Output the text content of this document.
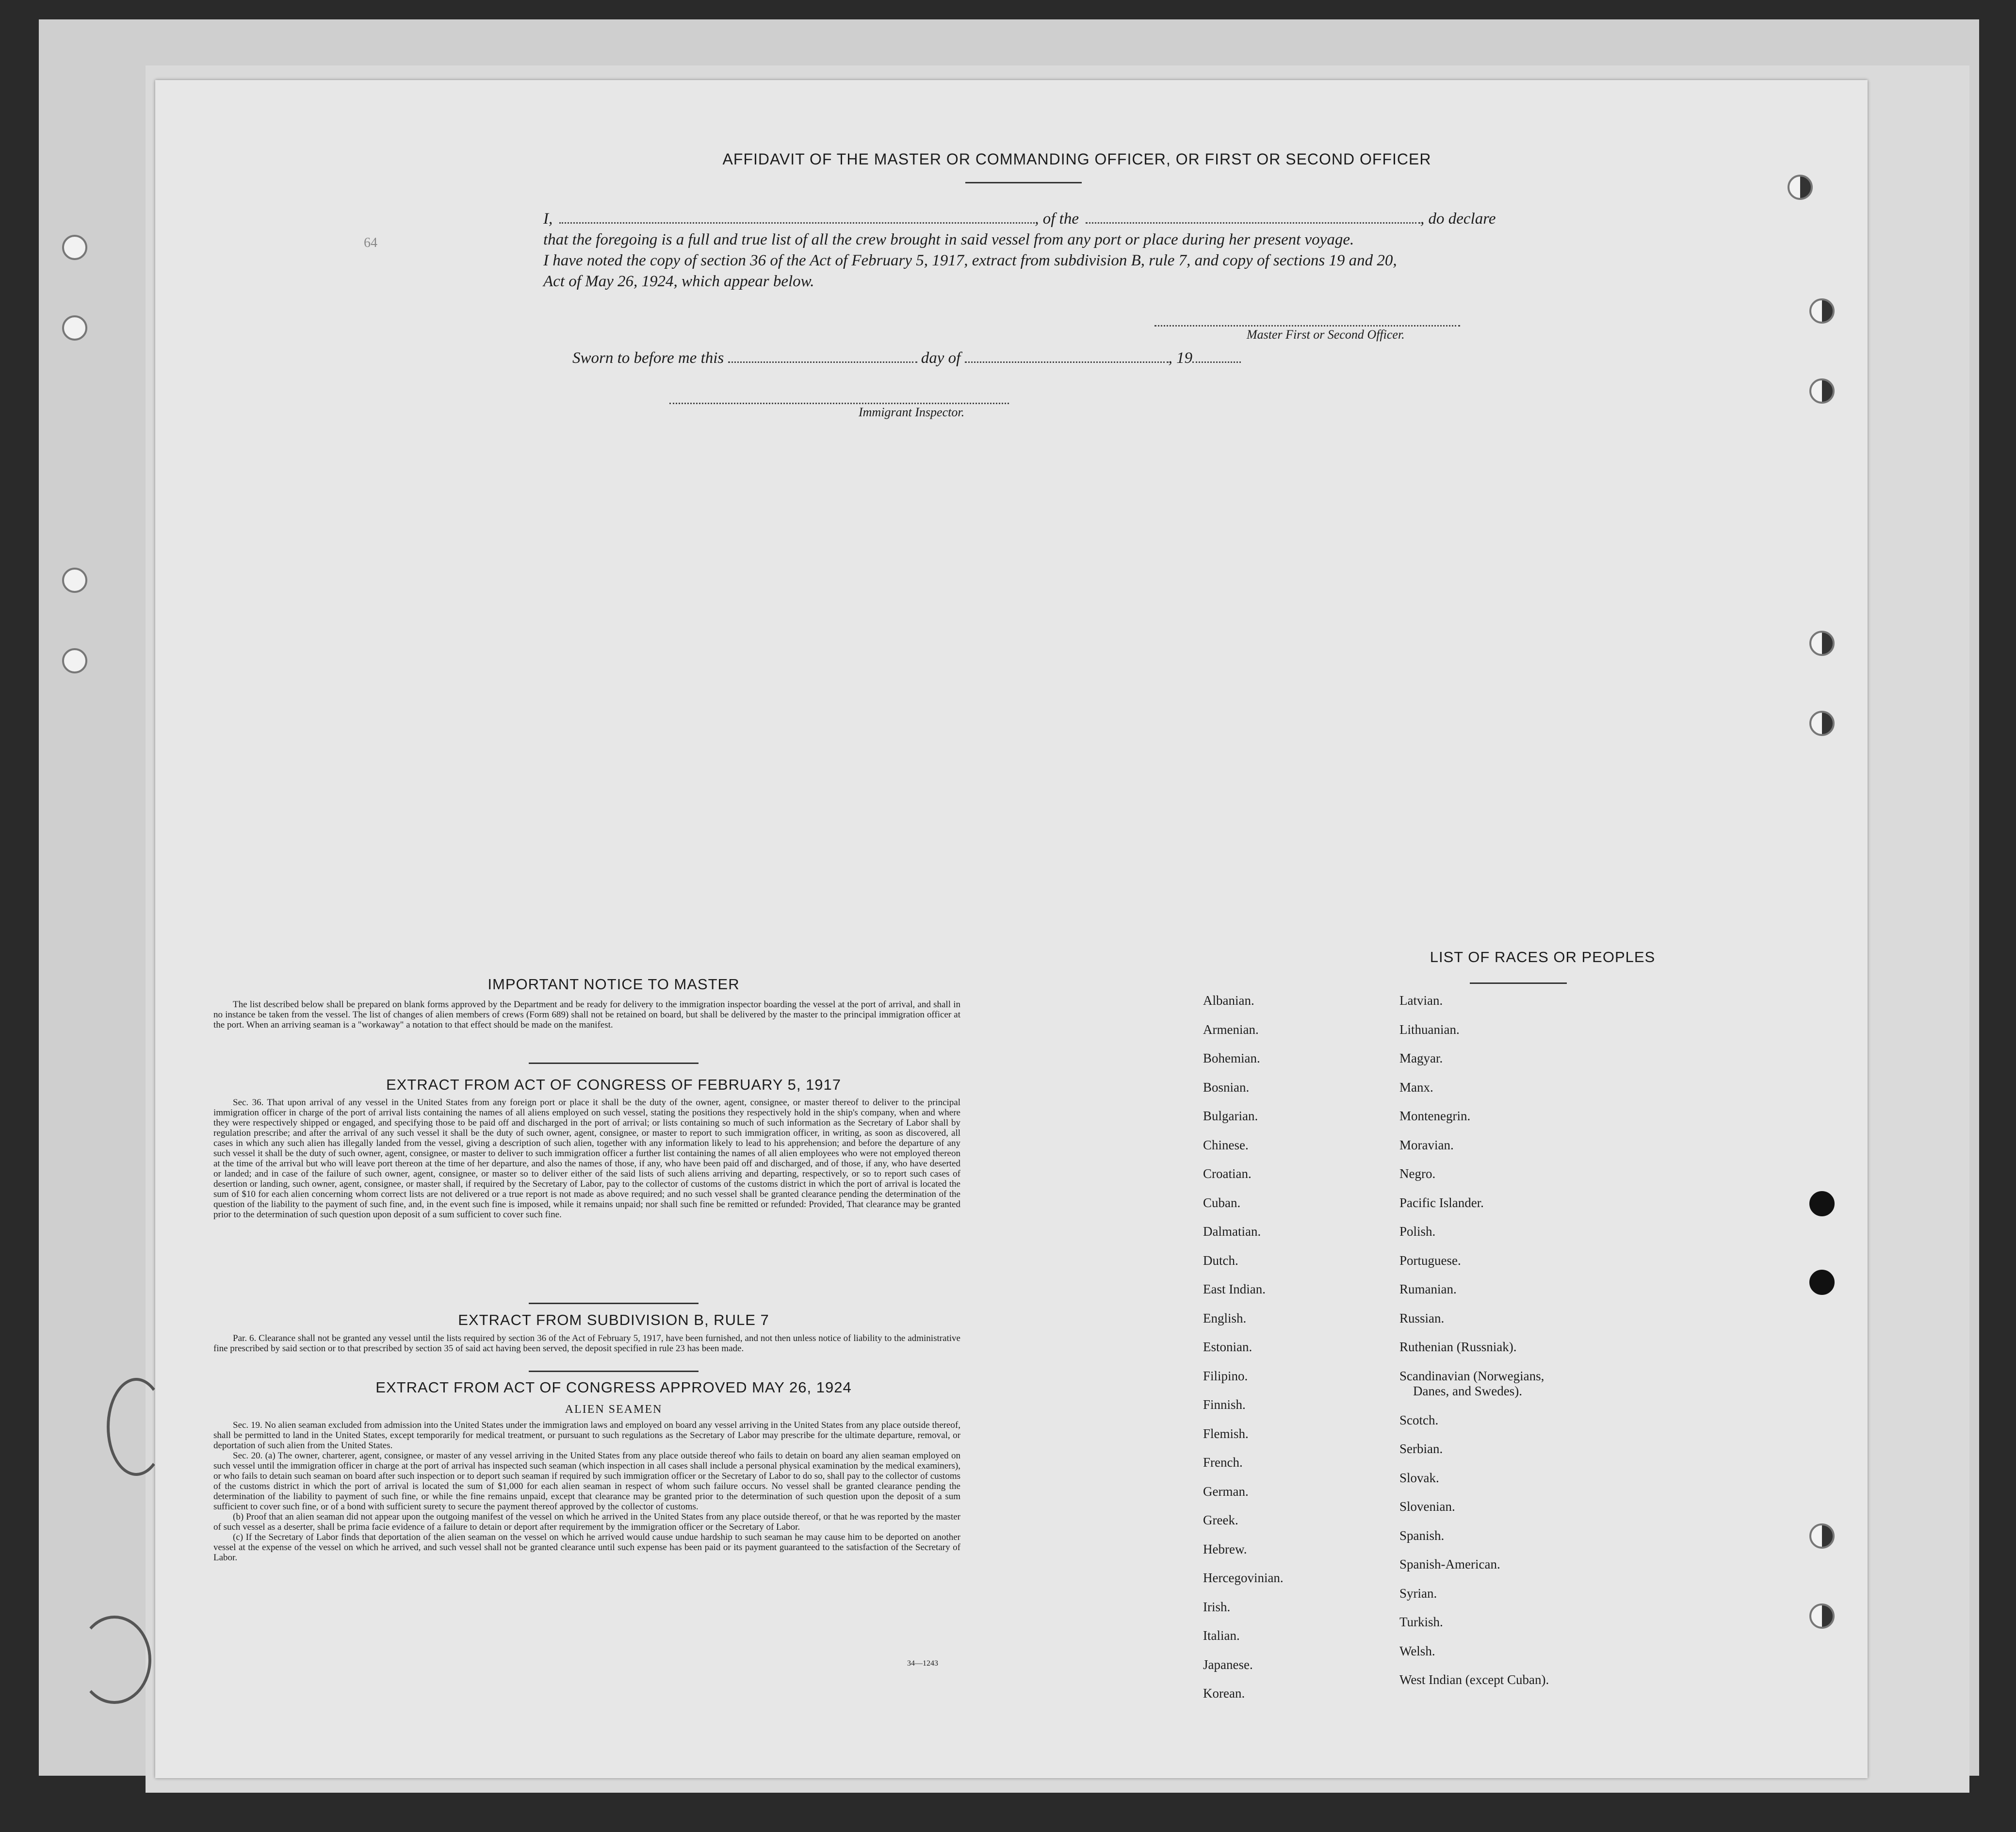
64
AFFIDAVIT OF THE MASTER OR COMMANDING OFFICER, OR FIRST OR SECOND OFFICER
I,	, of the	, do declare
that the foregoing is a full and true list of all the crew brought in said vessel from any port or place during her present voyage.
I have noted the copy of section 36 of the Act of February 5, 1917, extract from subdivision B, rule 7, and copy of sections 19 and 20,
Act of May 26, 1924, which appear below.
Master First or Second Officer.
Sworn to before me this	day of	, 19
Immigrant Inspector.
IMPORTANT NOTICE TO MASTER

The list described below shall be prepared on blank forms approved by the Department and be ready for delivery to the immigration inspector boarding the vessel at the port of arrival, and shall in no instance be taken from the vessel. The list of changes of alien members of crews (Form 689) shall not be retained on board, but shall be delivered by the master to the principal immigration officer at the port. When an arriving seaman is a "workaway" a notation to that effect should be made on the manifest.

EXTRACT FROM ACT OF CONGRESS OF FEBRUARY 5, 1917

Sec. 36. That upon arrival of any vessel in the United States from any foreign port or place it shall be the duty of the owner, agent, consignee, or master thereof to deliver to the principal immigration officer in charge of the port of arrival lists containing the names of all aliens employed on such vessel, stating the positions they respectively hold in the ship's company, when and where they were respectively shipped or engaged, and specifying those to be paid off and discharged in the port of arrival; or lists containing so much of such information as the Secretary of Labor shall by regulation prescribe; and after the arrival of any such vessel it shall be the duty of such owner, agent, consignee, or master to report to such immigration officer, in writing, as soon as discovered, all cases in which any such alien has illegally landed from the vessel, giving a description of such alien, together with any information likely to lead to his apprehension; and before the departure of any such vessel it shall be the duty of such owner, agent, consignee, or master to deliver to such immigration officer a further list containing the names of all alien employees who were not employed thereon at the time of the arrival but who will leave port thereon at the time of her departure, and also the names of those, if any, who have been paid off and discharged, and of those, if any, who have deserted or landed; and in case of the failure of such owner, agent, consignee, or master so to deliver either of the said lists of such aliens arriving and departing, respectively, or so to report such cases of desertion or landing, such owner, agent, consignee, or master shall, if required by the Secretary of Labor, pay to the collector of customs of the customs district in which the port of arrival is located the sum of $10 for each alien concerning whom correct lists are not delivered or a true report is not made as above required; and no such vessel shall be granted clearance pending the determination of the question of the liability to the payment of such fine, and, in the event such fine is imposed, while it remains unpaid; nor shall such fine be remitted or refunded: Provided, That clearance may be granted prior to the determination of such question upon deposit of a sum sufficient to cover such fine.

EXTRACT FROM SUBDIVISION B, RULE 7

Par. 6. Clearance shall not be granted any vessel until the lists required by section 36 of the Act of February 5, 1917, have been furnished, and not then unless notice of liability to the administrative fine prescribed by said section or to that prescribed by section 35 of said act having been served, the deposit specified in rule 23 has been made.

EXTRACT FROM ACT OF CONGRESS APPROVED MAY 26, 1924
ALIEN SEAMEN

Sec. 19. No alien seaman excluded from admission into the United States under the immigration laws and employed on board any vessel arriving in the United States from any place outside thereof, shall be permitted to land in the United States, except temporarily for medical treatment, or pursuant to such regulations as the Secretary of Labor may prescribe for the ultimate departure, removal, or deportation of such alien from the United States.

Sec. 20. (a) The owner, charterer, agent, consignee, or master of any vessel arriving in the United States from any place outside thereof who fails to detain on board any alien seaman employed on such vessel until the immigration officer in charge at the port of arrival has inspected such seaman (which inspection in all cases shall include a personal physical examination by the medical examiners), or who fails to detain such seaman on board after such inspection or to deport such seaman if required by such immigration officer or the Secretary of Labor to do so, shall pay to the collector of customs of the customs district in which the port of arrival is located the sum of $1,000 for each alien seaman in respect of whom such failure occurs. No vessel shall be granted clearance pending the determination of the liability to payment of such fine, or while the fine remains unpaid, except that clearance may be granted prior to the determination of such question upon the deposit of a sum sufficient to cover such fine, or of a bond with sufficient surety to secure the payment thereof approved by the collector of customs.

(b) Proof that an alien seaman did not appear upon the outgoing manifest of the vessel on which he arrived in the United States from any place outside thereof, or that he was reported by the master of such vessel as a deserter, shall be prima facie evidence of a failure to detain or deport after requirement by the immigration officer or the Secretary of Labor.

(c) If the Secretary of Labor finds that deportation of the alien seaman on the vessel on which he arrived would cause undue hardship to such seaman he may cause him to be deported on another vessel at the expense of the vessel on which he arrived, and such vessel shall not be granted clearance until such expense has been paid or its payment guaranteed to the satisfaction of the Secretary of Labor.

34—1243
LIST OF RACES OR PEOPLES
Albanian.
Armenian.
Bohemian.
Bosnian.
Bulgarian.
Chinese.
Croatian.
Cuban.
Dalmatian.
Dutch.
East Indian.
English.
Estonian.
Filipino.
Finnish.
Flemish.
French.
German.
Greek.
Hebrew.
Hercegovinian.
Irish.
Italian.
Japanese.
Korean.
Latvian.
Lithuanian.
Magyar.
Manx.
Montenegrin.
Moravian.
Negro.
Pacific Islander.
Polish.
Portuguese.
Rumanian.
Russian.
Ruthenian (Russniak).
Scandinavian (Norwegians,
Danes, and Swedes).
Scotch.
Serbian.
Slovak.
Slovenian.
Spanish.
Spanish-American.
Syrian.
Turkish.
Welsh.
West Indian (except Cuban).
